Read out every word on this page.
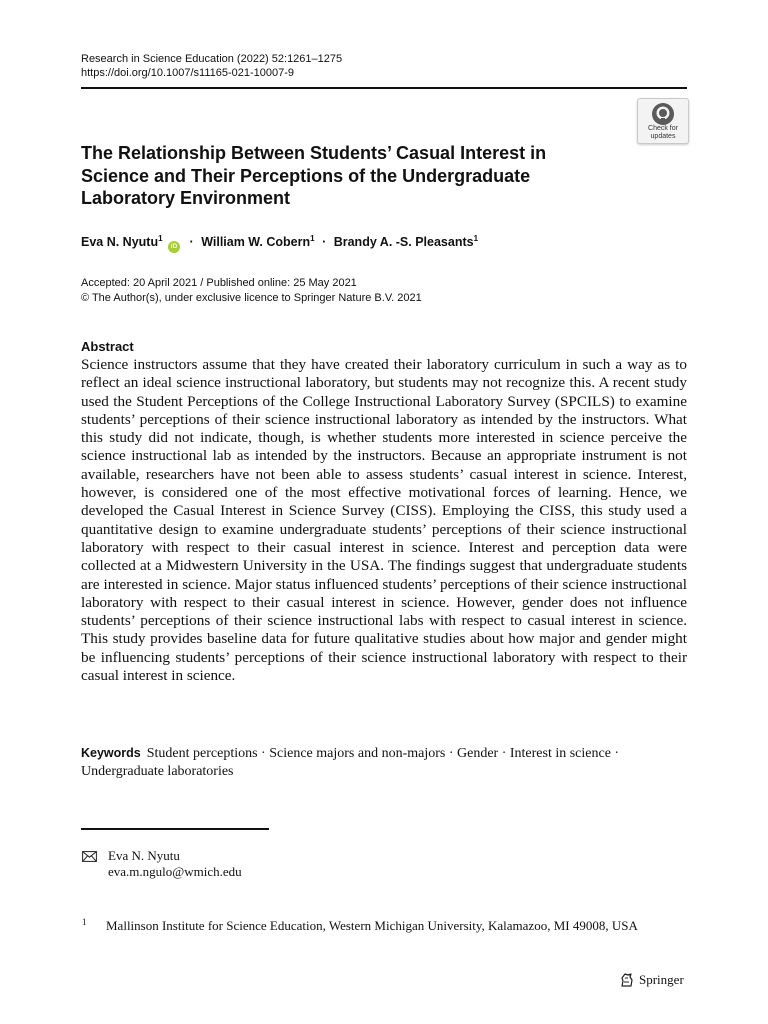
Research in Science Education (2022) 52:1261–1275
https://doi.org/10.1007/s11165-021-10007-9
Check for
updates
The Relationship Between Students’ Casual Interest in Science and Their Perceptions of the Undergraduate Laboratory Environment
Eva N. Nyutu$^1$ iD · William W. Cobern$^1$ · Brandy A. -S. Pleasants$^1$
Accepted: 20 April 2021 / Published online: 25 May 2021
© The Author(s), under exclusive licence to Springer Nature B.V. 2021
Abstract
Science instructors assume that they have created their laboratory curriculum in such a way as to reflect an ideal science instructional laboratory, but students may not recognize this. A recent study used the Student Perceptions of the College Instructional Laboratory Survey (SPCILS) to examine students’ perceptions of their science instructional laboratory as intended by the instructors. What this study did not indicate, though, is whether students more interested in science perceive the science instructional lab as intended by the instructors. Because an appropriate instrument is not available, researchers have not been able to assess students’ casual interest in science. Interest, however, is considered one of the most effective motivational forces of learning. Hence, we developed the Casual Interest in Science Survey (CISS). Employing the CISS, this study used a quantitative design to examine undergraduate students’ perceptions of their science instructional laboratory with respect to their casual interest in science. Interest and perception data were collected at a Midwestern University in the USA. The findings suggest that undergraduate students are interested in science. Major status influenced students’ perceptions of their science instructional laboratory with respect to their casual interest in science. However, gender does not influence students’ perceptions of their science instructional labs with respect to casual interest in science. This study provides baseline data for future qualitative studies about how major and gender might be influencing students’ perceptions of their science instructional laboratory with respect to their casual interest in science.
Keywords Student perceptions · Science majors and non-majors · Gender · Interest in science · Undergraduate laboratories
Eva N. Nyutu
eva.m.ngulo@wmich.edu
1 Mallinson Institute for Science Education, Western Michigan University, Kalamazoo, MI 49008, USA
Springer
